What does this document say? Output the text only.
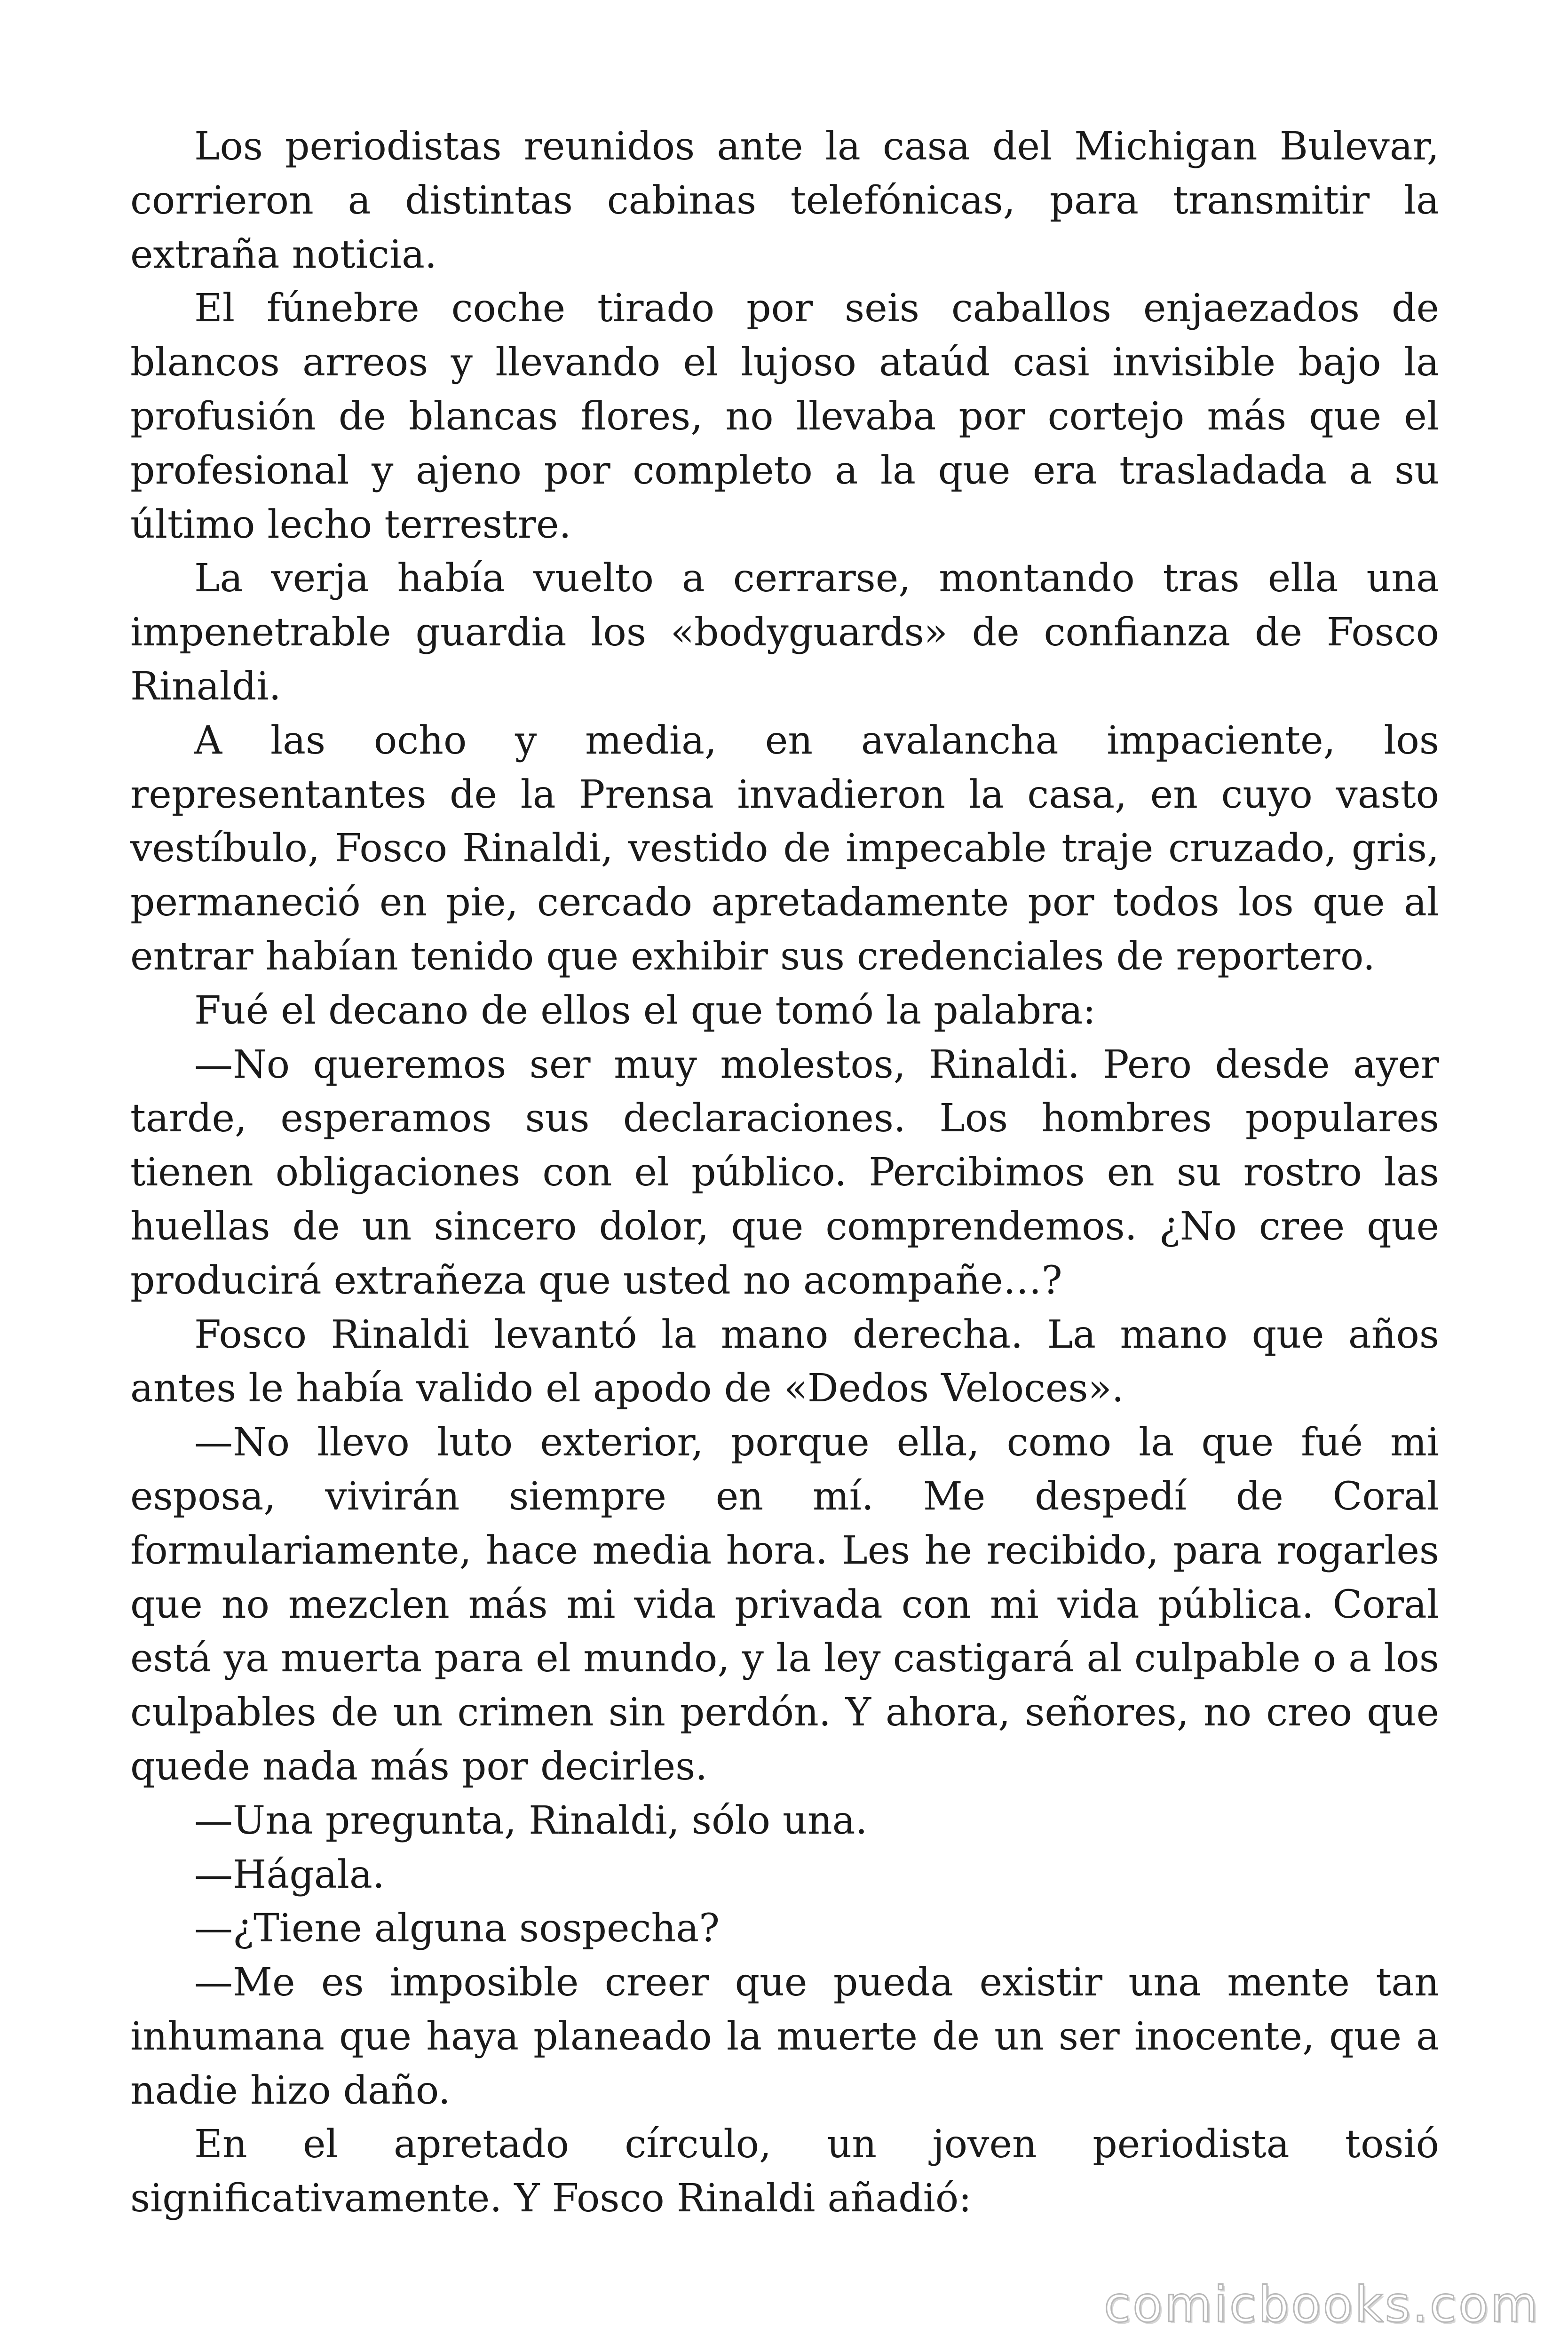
Los periodistas reunidos ante la casa del Michigan Bulevar, corrieron a distintas cabinas telefónicas, para transmitir la extraña noticia.

El fúnebre coche tirado por seis caballos enjaezados de blancos arreos y llevando el lujoso ataúd casi invisible bajo la profusión de blancas flores, no llevaba por cortejo más que el profesional y ajeno por completo a la que era trasladada a su último lecho terrestre.

La verja había vuelto a cerrarse, montando tras ella una impenetrable guardia los «bodyguards» de confianza de Fosco Rinaldi.

A las ocho y media, en avalancha impaciente, los representantes de la Prensa invadieron la casa, en cuyo vasto vestíbulo, Fosco Rinaldi, vestido de impecable traje cruzado, gris, permaneció en pie, cercado apretadamente por todos los que al entrar habían tenido que exhibir sus credenciales de reportero.

Fué el decano de ellos el que tomó la palabra:

—No queremos ser muy molestos, Rinaldi. Pero desde ayer tarde, esperamos sus declaraciones. Los hombres populares tienen obligaciones con el público. Percibimos en su rostro las huellas de un sincero dolor, que comprendemos. ¿No cree que producirá extrañeza que usted no acompañe…?

Fosco Rinaldi levantó la mano derecha. La mano que años antes le había valido el apodo de «Dedos Veloces».

—No llevo luto exterior, porque ella, como la que fué mi esposa, vivirán siempre en mí. Me despedí de Coral formulariamente, hace media hora. Les he recibido, para rogarles que no mezclen más mi vida privada con mi vida pública. Coral está ya muerta para el mundo, y la ley castigará al culpable o a los culpables de un crimen sin perdón. Y ahora, señores, no creo que quede nada más por decirles.

—Una pregunta, Rinaldi, sólo una.

—Hágala.

—¿Tiene alguna sospecha?

—Me es imposible creer que pueda existir una mente tan inhumana que haya planeado la muerte de un ser inocente, que a nadie hizo daño.

En el apretado círculo, un joven periodista tosió significativamente. Y Fosco Rinaldi añadió:

comicbooks.com
